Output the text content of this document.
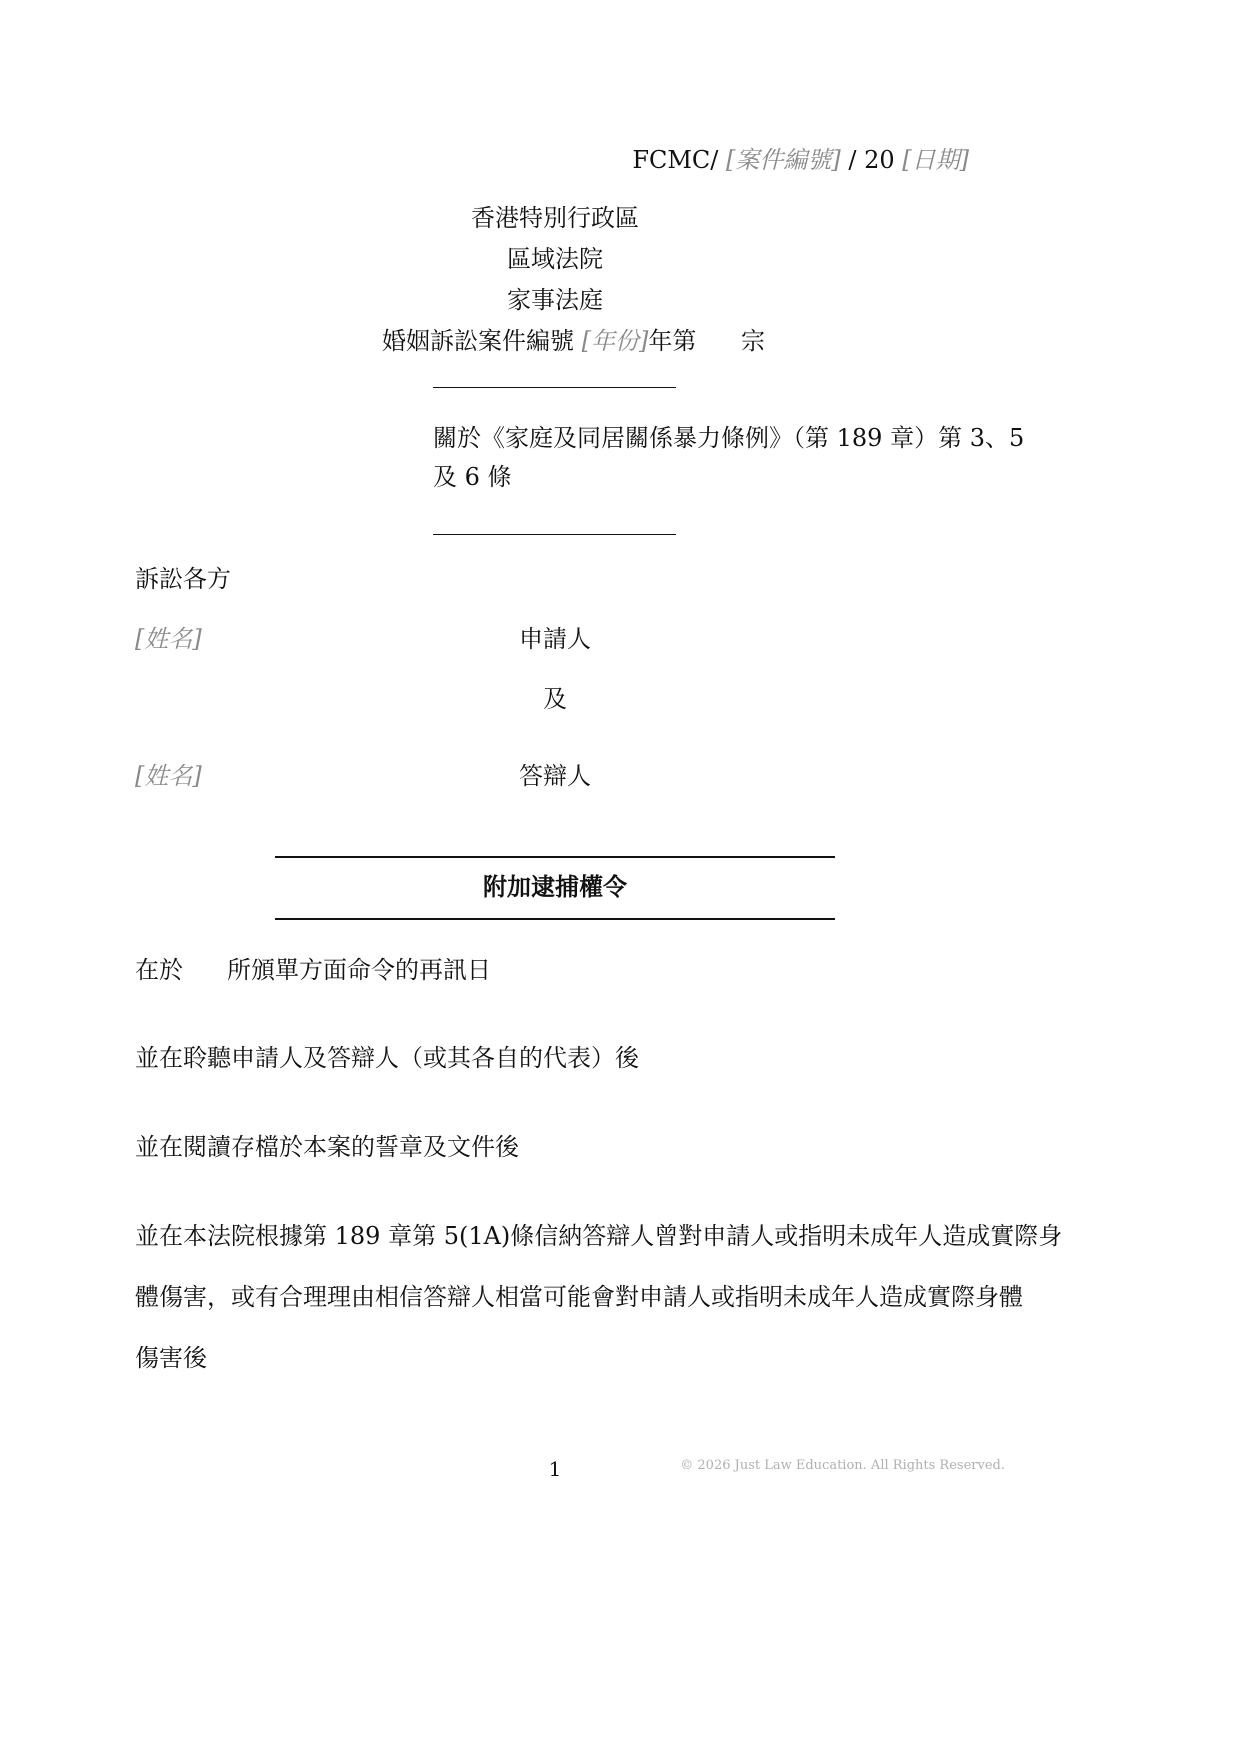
FCMC/ [案件編號] / 20 [日期]
香港特別行政區
區域法院
家事法庭
婚姻訴訟案件編號 [年份]年第 宗
關於《家庭及同居關係暴力條例》（第 189 章）第 3、5
及 6 條
訴訟各方
[姓名]	申請人
及
[姓名]	答辯人
附加逮捕權令
在於 所頒單方面命令的再訊日
並在聆聽申請人及答辯人（或其各自的代表）後
並在閱讀存檔於本案的誓章及文件後
並在本法院根據第 189 章第 5(1A)條信納答辯人曾對申請人或指明未成年人造成實際身
體傷害，或有合理理由相信答辯人相當可能會對申請人或指明未成年人造成實際身體
傷害後
1	© 2026 Just Law Education. All Rights Reserved.
